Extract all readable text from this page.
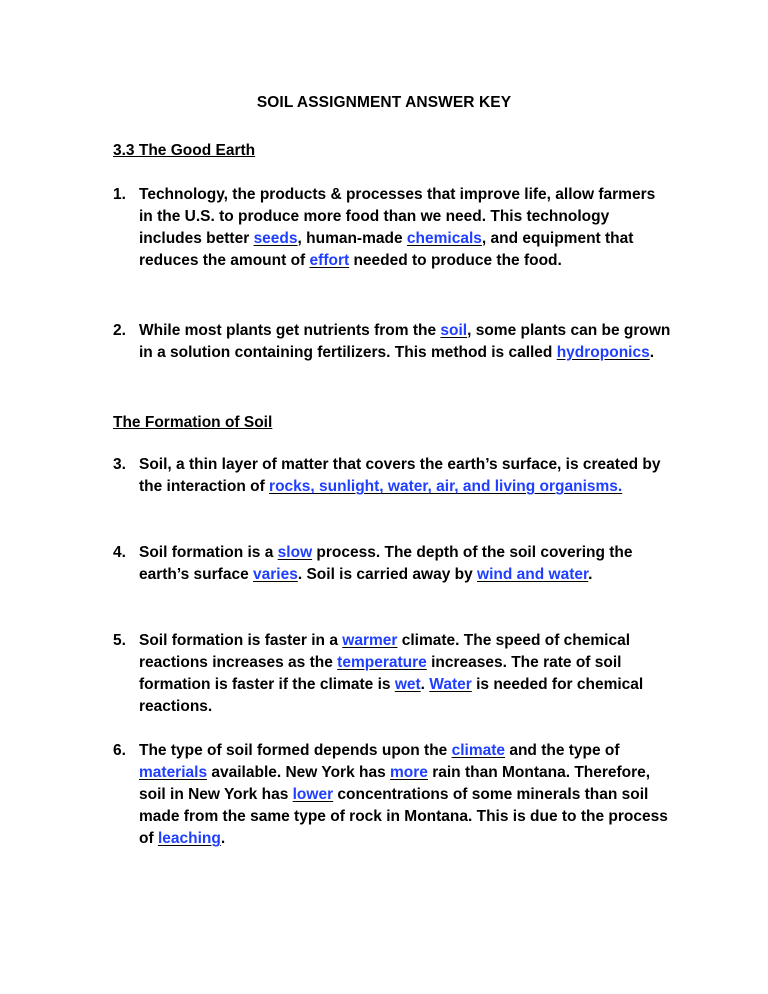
SOIL ASSIGNMENT ANSWER KEY
3.3 The Good Earth
1. Technology, the products & processes that improve life, allow farmers in the U.S. to produce more food than we need. This technology includes better seeds, human-made chemicals, and equipment that reduces the amount of effort needed to produce the food.
2. While most plants get nutrients from the soil, some plants can be grown in a solution containing fertilizers. This method is called hydroponics.
The Formation of Soil
3. Soil, a thin layer of matter that covers the earth’s surface, is created by the interaction of rocks, sunlight, water, air, and living organisms.
4. Soil formation is a slow process. The depth of the soil covering the earth’s surface varies. Soil is carried away by wind and water.
5. Soil formation is faster in a warmer climate. The speed of chemical reactions increases as the temperature increases. The rate of soil formation is faster if the climate is wet. Water is needed for chemical reactions.
6. The type of soil formed depends upon the climate and the type of materials available. New York has more rain than Montana. Therefore, soil in New York has lower concentrations of some minerals than soil made from the same type of rock in Montana. This is due to the process of leaching.
